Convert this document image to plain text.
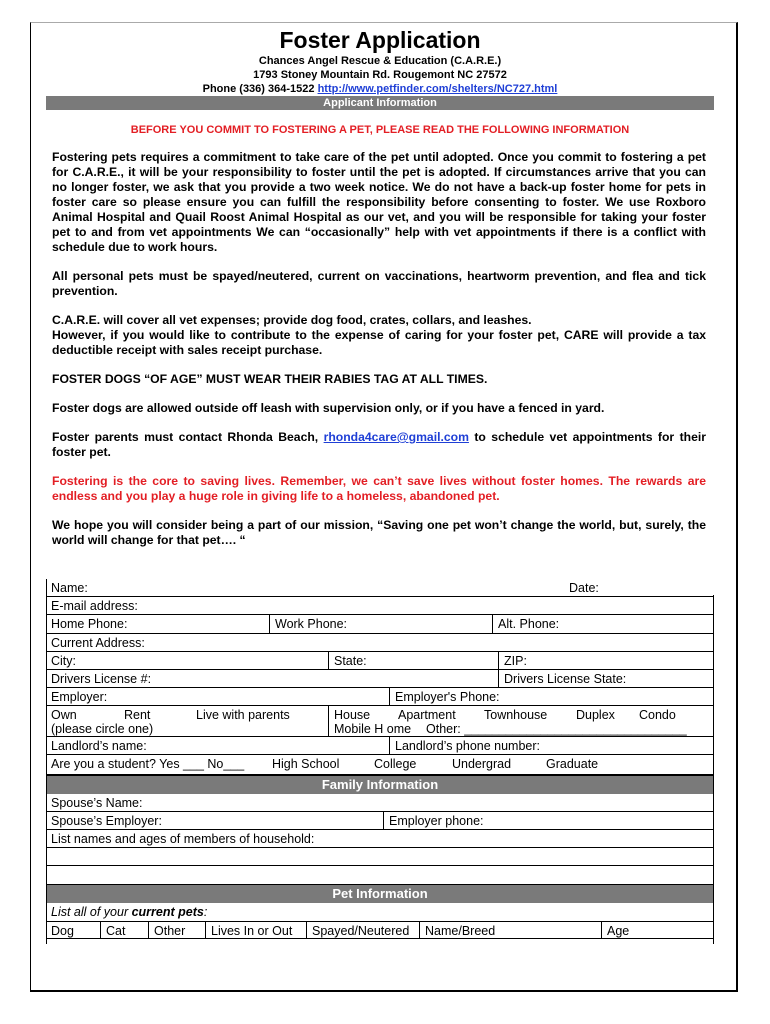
Foster Application
Chances Angel Rescue & Education (C.A.R.E.)
1793 Stoney Mountain Rd. Rougemont NC 27572
Phone (336) 364-1522 http://www.petfinder.com/shelters/NC727.html
Applicant Information
BEFORE YOU COMMIT TO FOSTERING A PET, PLEASE READ THE FOLLOWING INFORMATION
Fostering pets requires a commitment to take care of the pet until adopted. Once you commit to fostering a pet for C.A.R.E., it will be your responsibility to foster until the pet is adopted. If circumstances arrive that you can no longer foster, we ask that you provide a two week notice. We do not have a back-up foster home for pets in foster care so please ensure you can fulfill the responsibility before consenting to foster. We use Roxboro Animal Hospital and Quail Roost Animal Hospital as our vet, and you will be responsible for taking your foster pet to and from vet appointments We can “occasionally” help with vet appointments if there is a conflict with schedule due to work hours.
All personal pets must be spayed/neutered, current on vaccinations, heartworm prevention, and flea and tick prevention.
C.A.R.E. will cover all vet expenses; provide dog food, crates, collars, and leashes.
However, if you would like to contribute to the expense of caring for your foster pet, CARE will provide a tax deductible receipt with sales receipt purchase.
FOSTER DOGS “OF AGE” MUST WEAR THEIR RABIES TAG AT ALL TIMES.
Foster dogs are allowed outside off leash with supervision only, or if you have a fenced in yard.
Foster parents must contact Rhonda Beach, rhonda4care@gmail.com to schedule vet appointments for their foster pet.
Fostering is the core to saving lives. Remember, we can’t save lives without foster homes. The rewards are endless and you play a huge role in giving life to a homeless, abandoned pet.
We hope you will consider being a part of our mission, “Saving one pet won’t change the world, but, surely, the world will change for that pet…. “
Name:	Date:
E-mail address:
Home Phone:	Work Phone:	Alt. Phone:
Current Address:
City:	State:	ZIP:
Drivers License #:	Drivers License State:
Employer:	Employer's Phone:
Own	Rent	Live with parents
(please circle one)
House Apartment Townhouse Duplex Condo
Mobile H ome Other: ________________________________
Landlord’s name:	Landlord’s phone number:
Are you a student? Yes ___ No___	High School	College	Undergrad	Graduate
Family Information
Spouse’s Name:
Spouse’s Employer:	Employer phone:
List names and ages of members of household:
Pet Information
List all of your current pets:
Dog	Cat	Other	Lives In or Out	Spayed/Neutered	Name/Breed	Age
